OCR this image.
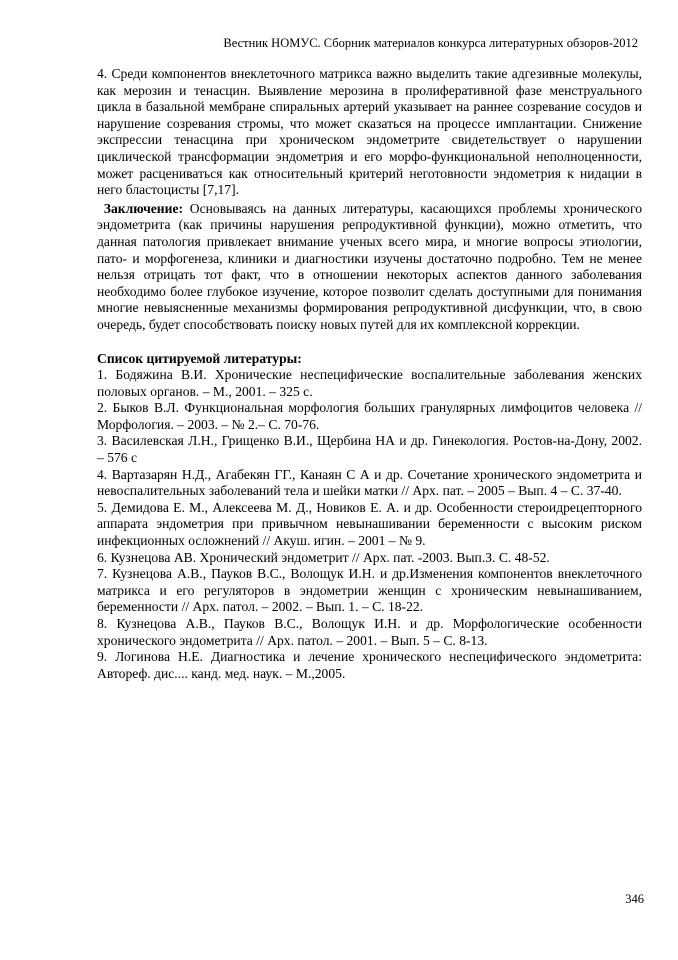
Вестник НОМУС. Сборник материалов конкурса литературных обзоров-2012

4. Среди компонентов внеклеточного матрикса важно выделить такие адгезивные молекулы, как мерозин и тенасцин. Выявление мерозина в пролиферативной фазе менструального цикла в базальной мембране спиральных артерий указывает на раннее созревание сосудов и нарушение созревания стромы, что может сказаться на процессе имплантации. Снижение экспрессии тенасцина при хроническом эндометрите свидетельствует о нарушении циклической трансформации эндометрия и его морфо-функциональной неполноценности, может расцениваться как относительный критерий неготовности эндометрия к нидации в него бластоцисты [7,17].

Заключение: Основываясь на данных литературы, касающихся проблемы хронического эндометрита (как причины нарушения репродуктивной функции), можно отметить, что данная патология привлекает внимание ученых всего мира, и многие вопросы этиологии, пато- и морфогенеза, клиники и диагностики изучены достаточно подробно. Тем не менее нельзя отрицать тот факт, что в отношении некоторых аспектов данного заболевания необходимо более глубокое изучение, которое позволит сделать доступными для понимания многие невыясненные механизмы формирования репродуктивной дисфункции, что, в свою очередь, будет способствовать поиску новых путей для их комплексной коррекции.

Список цитируемой литературы:

1. Бодяжина В.И. Хронические неспецифические воспалительные заболевания женских половых органов. – М., 2001. – 325 с.

2. Быков В.Л. Функциональная морфология больших гранулярных лимфоцитов человека //Морфология. – 2003. – № 2.– С. 70-76.

3. Василевская Л.Н., Грищенко В.И., Щербина НА и др. Гинекология. Ростов-на-Дону, 2002. – 576 с

4. Вартазарян Н.Д., Агабекян ГГ., Канаян С А и др. Сочетание хронического эндометрита и невоспалительных заболеваний тела и шейки матки // Арх. пат. – 2005 – Вып. 4 – С. 37-40.

5. Демидова Е. М., Алексеева М. Д., Новиков Е. А. и др. Особенности стероидрецепторного аппарата эндометрия при привычном невынашивании беременности с высоким риском инфекционных осложнений // Акуш. игин. – 2001 – № 9.

6. Кузнецова АВ. Хронический эндометрит // Арх. пат. -2003. Вып.З. С. 48-52.

7. Кузнецова А.В., Пауков В.С., Волощук И.Н. и др.Изменения компонентов внеклеточного матрикса и его регуляторов в эндометрии женщин с хроническим невынашиванием, беременности // Арх. патол. – 2002. – Вып. 1. – С. 18-22.

8. Кузнецова А.В., Пауков В.С., Волощук И.Н. и др. Морфологические особенности хронического эндометрита // Арх. патол. – 2001. – Вып. 5 – С. 8-13.

9. Логинова Н.Е. Диагностика и лечение хронического неспецифического эндометрита: Автореф. дис.... канд. мед. наук. – М.,2005.

346
